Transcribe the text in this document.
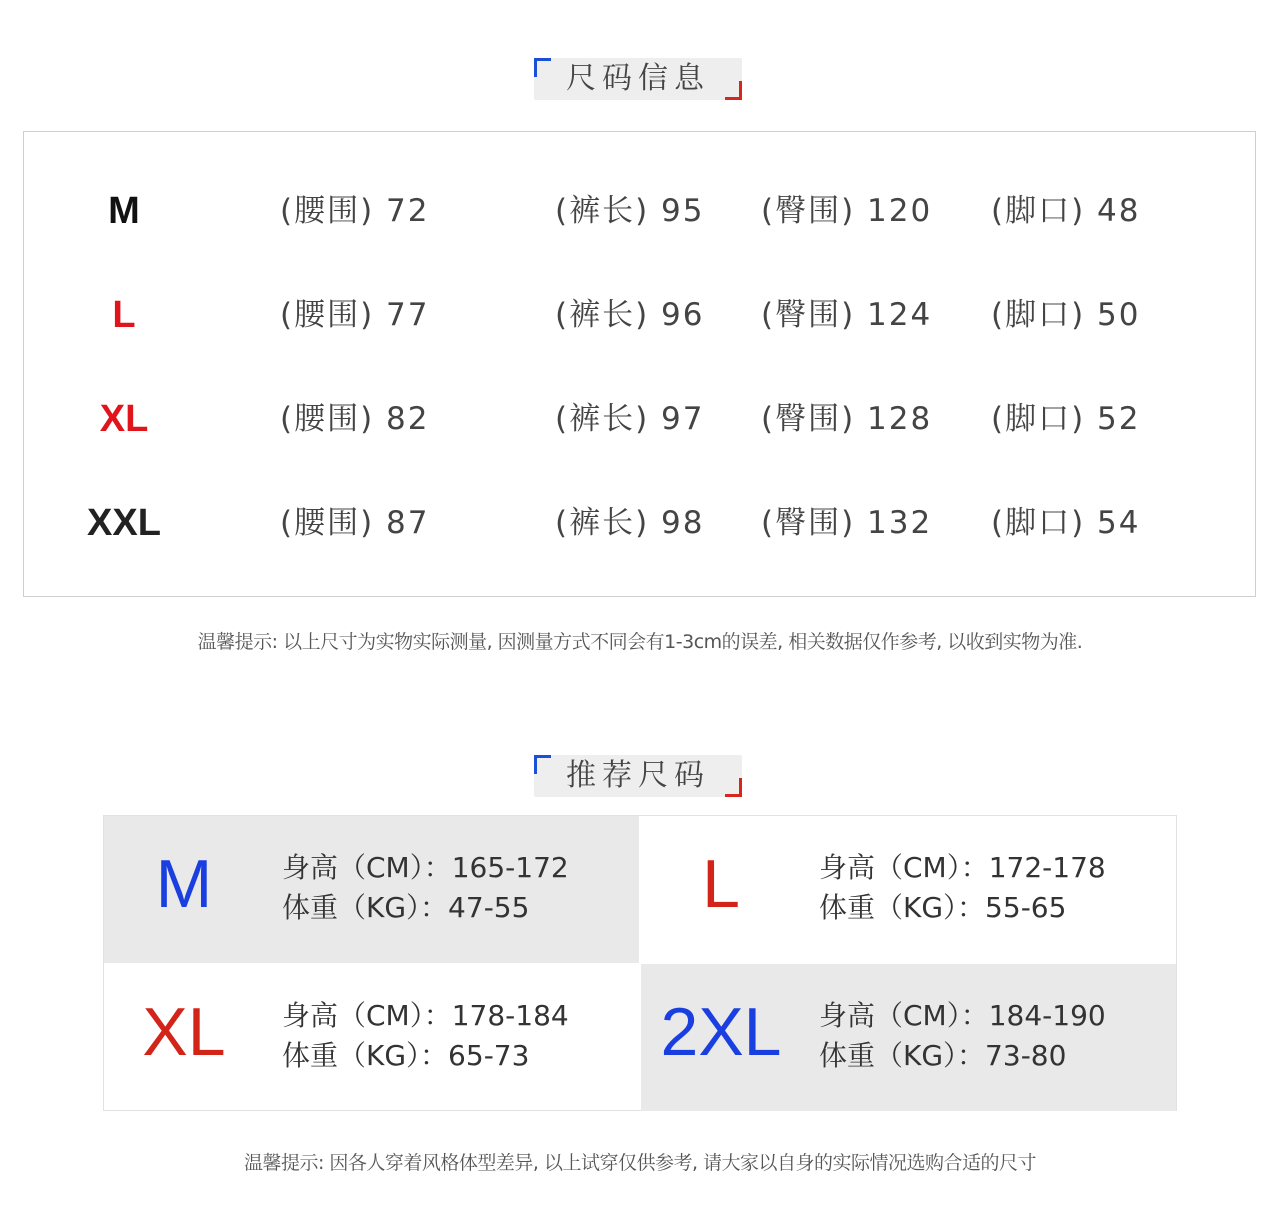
尺码信息
M	(腰围) 72	(裤长) 95 (臀围) 120 (脚口) 48
L	(腰围) 77	(裤长) 96 (臀围) 124 (脚口) 50
XL	(腰围) 82	(裤长) 97 (臀围) 128 (脚口) 52
XXL	(腰围) 87	(裤长) 98 (臀围) 132 (脚口) 54
温馨提示: 以上尺寸为实物实际测量, 因测量方式不同会有1-3cm的误差, 相关数据仅作参考, 以收到实物为准.
推荐尺码
M	身高（CM）：165-172
体重（KG）：47-55	L	身高（CM）：172-178
体重（KG）：55-65
XL	身高（CM）：178-184
体重（KG）：65-73 2XL	身高（CM）：184-190
体重（KG）：73-80
温馨提示: 因各人穿着风格体型差异, 以上试穿仅供参考, 请大家以自身的实际情况选购合适的尺寸
